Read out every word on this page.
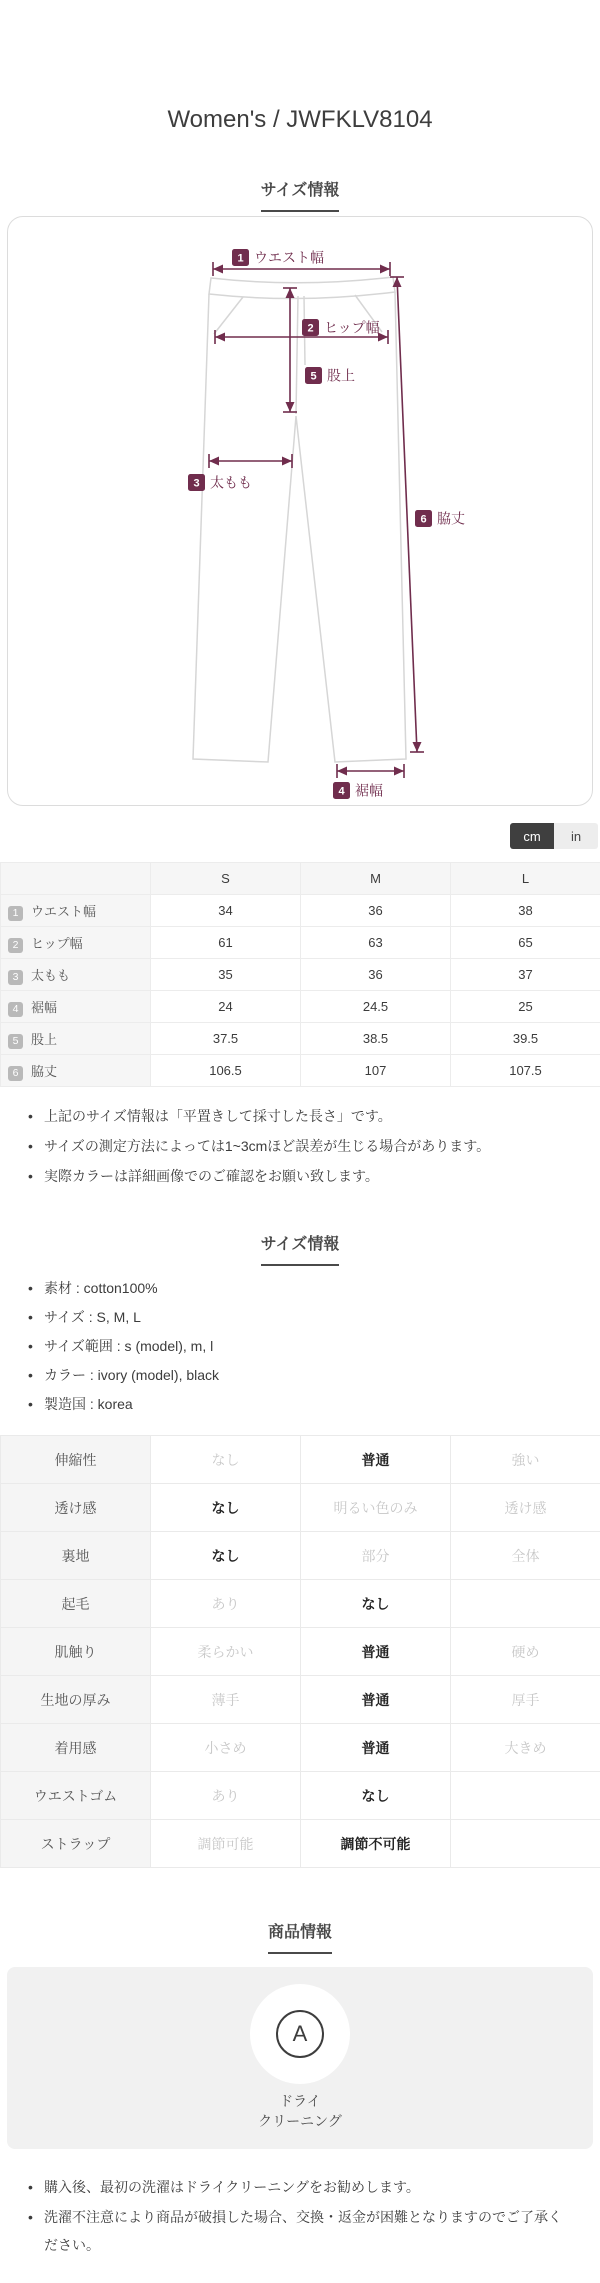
Women's / JWFKLV8104
サイズ情報
1 ウエスト幅
2 ヒップ幅
5 股上
3 太もも
6 脇丈
4 裾幅
cm	in
	S	M	L
1 ウエスト幅	34	36	38
2 ヒップ幅	61	63	65
3 太もも	35	36	37
4 裾幅	24	24.5	25
5 股上	37.5	38.5	39.5
6 脇丈	106.5	107	107.5
• 上記のサイズ情報は「平置きして採寸した長さ」です。
• サイズの測定方法によっては1~3cmほど誤差が生じる場合があります。
• 実際カラーは詳細画像でのご確認をお願い致します。
サイズ情報
• 素材 : cotton100%
• サイズ : S, M, L
• サイズ範囲 : s (model), m, l
• カラー : ivory (model), black
• 製造国 : korea
伸縮性	なし	普通	強い
透け感	なし	明るい色のみ	透け感
裏地	なし	部分	全体
起毛	あり	なし	
肌触り	柔らかい	普通	硬め
生地の厚み	薄手	普通	厚手
着用感	小さめ	普通	大きめ
ウエストゴム	あり	なし	
ストラップ	調節可能	調節不可能	
商品情報
A
ドライ
クリーニング
• 購入後、最初の洗濯はドライクリーニングをお勧めします。
• 洗濯不注意により商品が破損した場合、交換・返金が困難となりますのでご了承ください。
